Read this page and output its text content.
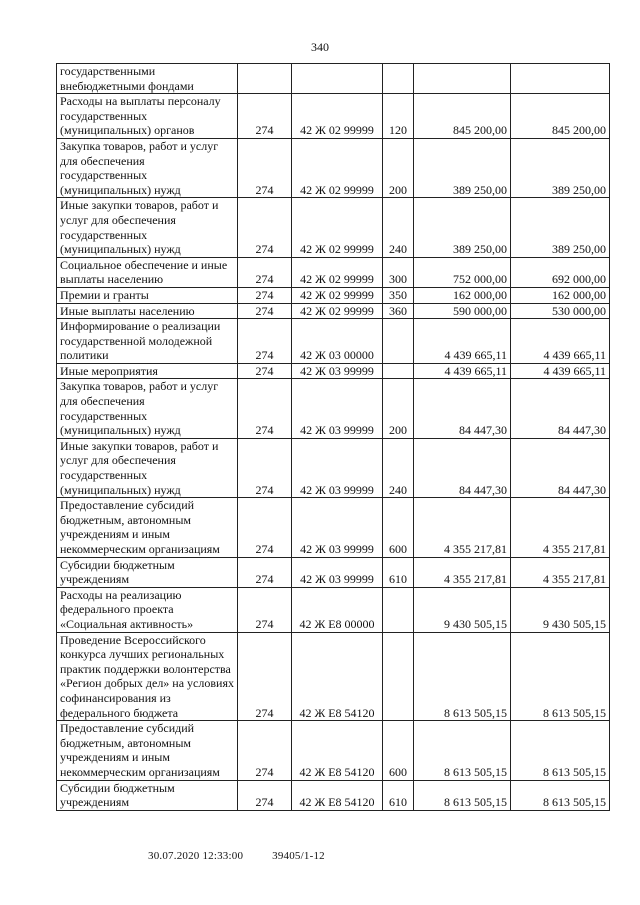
340
государственными внебюджетными фондами					
Расходы на выплаты персоналу государственных (муниципальных) органов	274	42 Ж 02 99999	120	845 200,00	845 200,00
Закупка товаров, работ и услуг для обеспечения государственных (муниципальных) нужд	274	42 Ж 02 99999	200	389 250,00	389 250,00
Иные закупки товаров, работ и услуг для обеспечения государственных (муниципальных) нужд	274	42 Ж 02 99999	240	389 250,00	389 250,00
Социальное обеспечение и иные выплаты населению	274	42 Ж 02 99999	300	752 000,00	692 000,00
Премии и гранты	274	42 Ж 02 99999	350	162 000,00	162 000,00
Иные выплаты населению	274	42 Ж 02 99999	360	590 000,00	530 000,00
Информирование о реализации государственной молодежной политики	274	42 Ж 03 00000		4 439 665,11	4 439 665,11
Иные мероприятия	274	42 Ж 03 99999		4 439 665,11	4 439 665,11
Закупка товаров, работ и услуг для обеспечения государственных (муниципальных) нужд	274	42 Ж 03 99999	200	84 447,30	84 447,30
Иные закупки товаров, работ и услуг для обеспечения государственных (муниципальных) нужд	274	42 Ж 03 99999	240	84 447,30	84 447,30
Предоставление субсидий бюджетным, автономным учреждениям и иным некоммерческим организациям	274	42 Ж 03 99999	600	4 355 217,81	4 355 217,81
Субсидии бюджетным учреждениям	274	42 Ж 03 99999	610	4 355 217,81	4 355 217,81
Расходы на реализацию федерального проекта «Социальная активность»	274	42 Ж E8 00000		9 430 505,15	9 430 505,15
Проведение Всероссийского конкурса лучших региональных практик поддержки волонтерства «Регион добрых дел» на условиях софинансирования из федерального бюджета	274	42 Ж E8 54120		8 613 505,15	8 613 505,15
Предоставление субсидий бюджетным, автономным учреждениям и иным некоммерческим организациям	274	42 Ж E8 54120	600	8 613 505,15	8 613 505,15
Субсидии бюджетным учреждениям	274	42 Ж E8 54120	610	8 613 505,15	8 613 505,15
30.07.2020 12:33:00	39405/1-12
